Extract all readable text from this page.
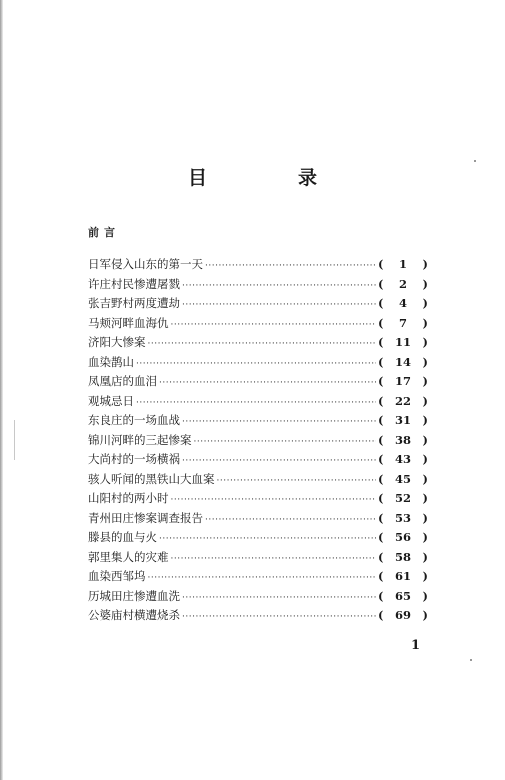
目　录
前言
日军侵入山东的第一天 ·····	(	1	)
许庄村民惨遭屠戮 ·····	(	2	)
张吉野村两度遭劫 ·····	(	4	)
马颊河畔血海仇 ·····	(	7	)
济阳大惨案 ·····	(	11	)
血染鹊山 ·····	(	14	)
凤凰店的血泪 ·····	(	17	)
观城忌日 ·····	(	22	)
东良庄的一场血战 ·····	(	31	)
锦川河畔的三起惨案 ·····	(	38	)
大尚村的一场横祸 ·····	(	43	)
骇人听闻的黑铁山大血案 ·····	(	45	)
山阳村的两小时 ·····	(	52	)
青州田庄惨案调查报告 ·····	(	53	)
滕县的血与火 ·····	(	56	)
郭里集人的灾难 ·····	(	58	)
血染西邹坞 ·····	(	61	)
历城田庄惨遭血洗 ·····	(	65	)
公婆庙村横遭烧杀 ·····	(	69	)
1
